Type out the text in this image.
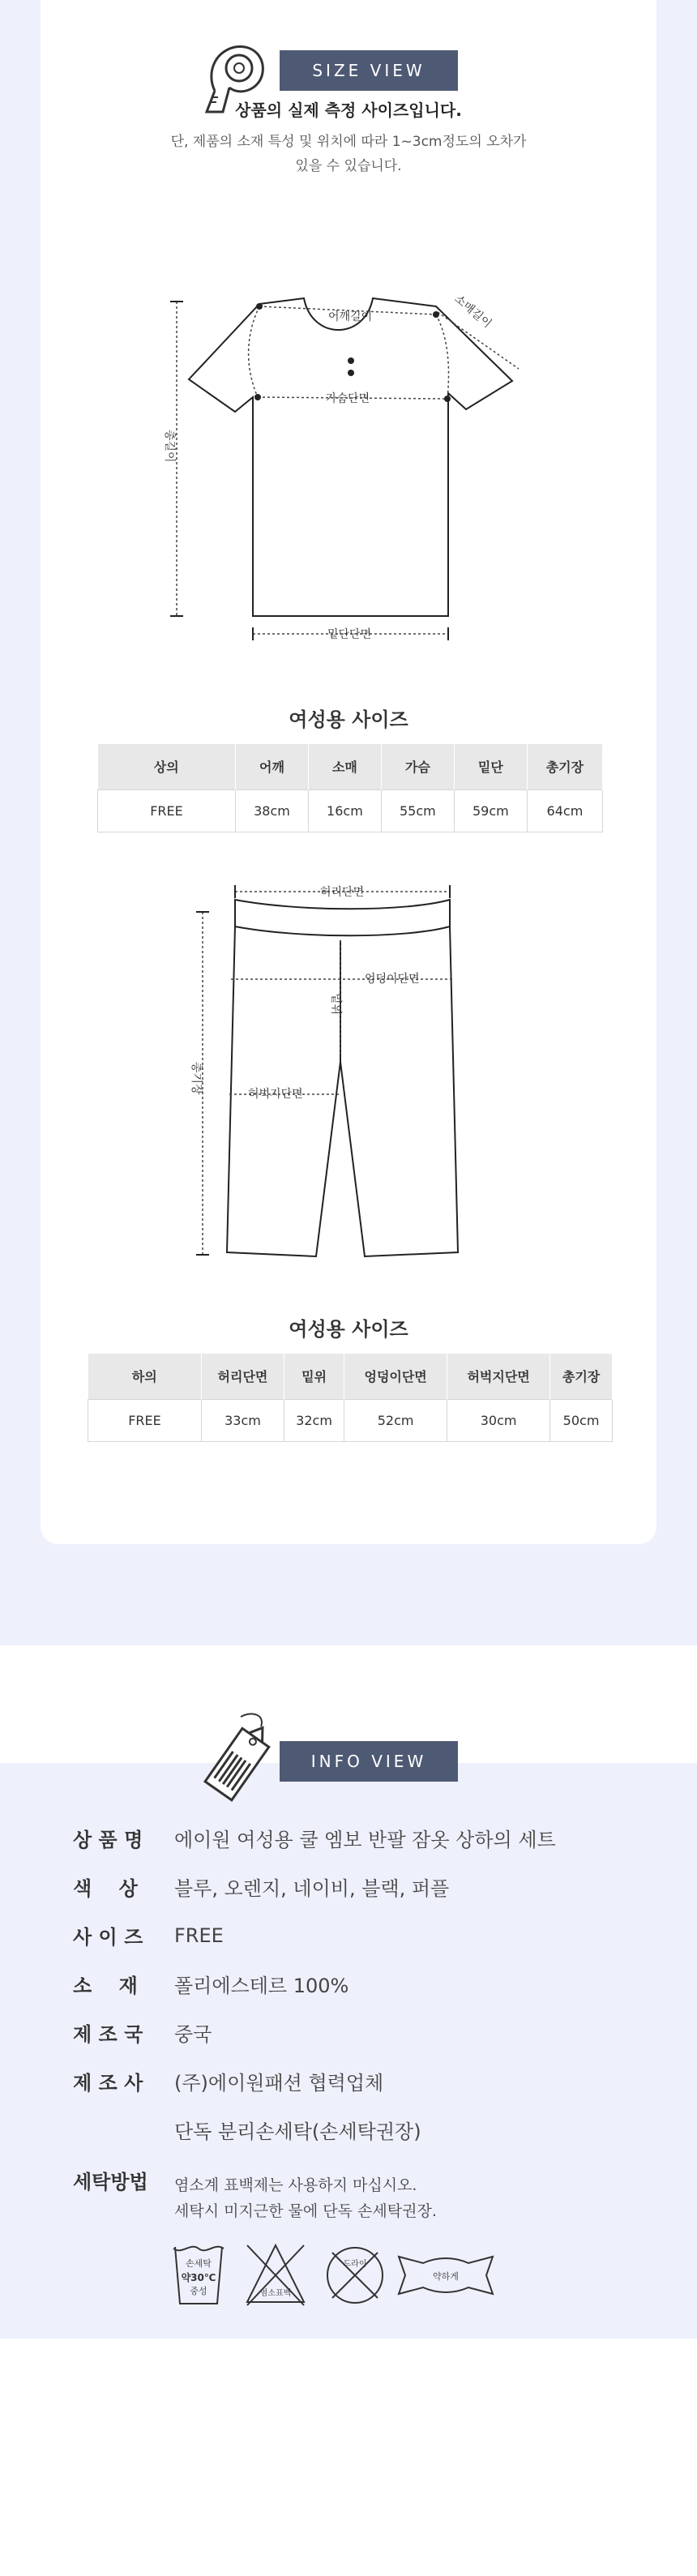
SIZE VIEW
상품의 실제 측정 사이즈입니다.
단, 제품의 소재 특성 및 위치에 따라 1~3cm정도의 오차가
있을 수 있습니다.
어깨길이	소매길이
가슴단면
총길이
밑단단면
허리단면
엉덩이단면
밑위
허벅지단면
총기장
여성용 사이즈
상의	어깨	소매	가슴	밑단	총기장
FREE	38cm	16cm	55cm	59cm	64cm
여성용 사이즈
하의	허리단면	밑위	엉덩이단면	허벅지단면	총기장
FREE	33cm	32cm	52cm	30cm	50cm
INFO VIEW
상 품 명	에이원 여성용 쿨 엠보 반팔 잠옷 상하의 세트
색    상	블루, 오렌지, 네이비, 블랙, 퍼플
사 이 즈	FREE
소    재	폴리에스테르 100%
제 조 국	중국
제 조 사	(주)에이원패션 협력업체
단독 분리손세탁(손세탁권장)
세탁방법	염소계 표백제는 사용하지 마십시오.
세탁시 미지근한 물에 단독 손세탁권장.
손세탁
약30℃
중성	염소표백
드라이
약하게
